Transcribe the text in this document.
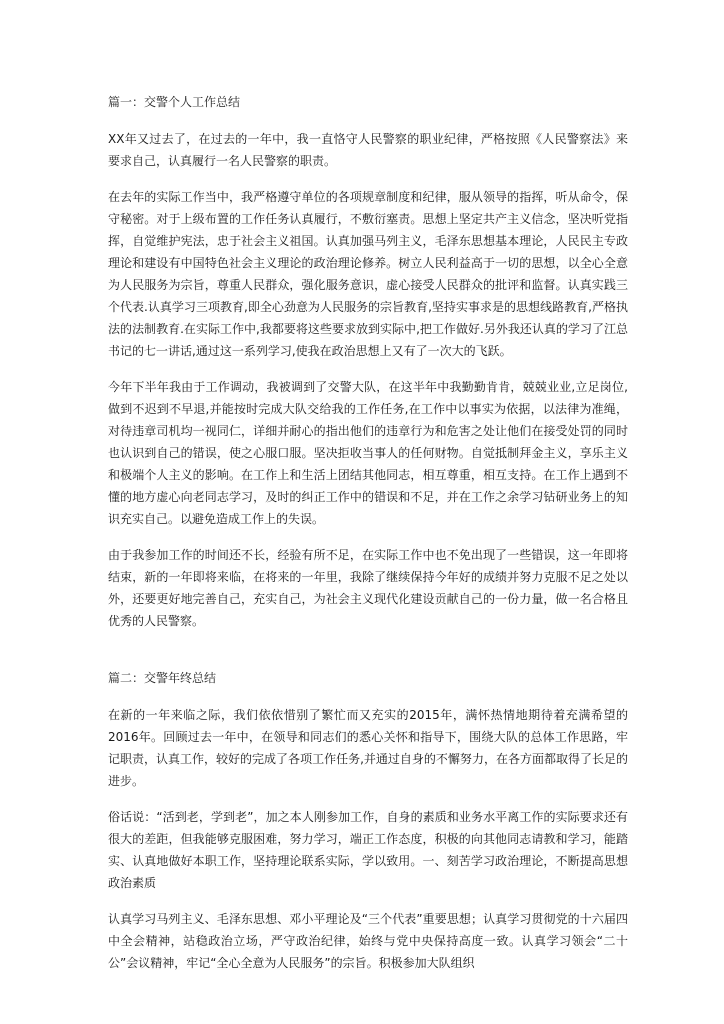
篇一：交警个人工作总结

XX年又过去了，在过去的一年中，我一直恪守人民警察的职业纪律，严格按照《人民警察法》来要求自己，认真履行一名人民警察的职责。

在去年的实际工作当中，我严格遵守单位的各项规章制度和纪律，服从领导的指挥，听从命令，保守秘密。对于上级布置的工作任务认真履行，不敷衍塞责。思想上坚定共产主义信念，坚决听党指挥，自觉维护宪法，忠于社会主义祖国。认真加强马列主义，毛泽东思想基本理论，人民民主专政理论和建设有中国特色社会主义理论的政治理论修养。树立人民利益高于一切的思想，以全心全意为人民服务为宗旨，尊重人民群众，强化服务意识，虚心接受人民群众的批评和监督。认真实践三个代表.认真学习三项教育,即全心劲意为人民服务的宗旨教育,坚持实事求是的思想线路教育,严格执法的法制教育.在实际工作中,我都要将这些要求放到实际中,把工作做好.另外我还认真的学习了江总书记的七一讲话,通过这一系列学习,使我在政治思想上又有了一次大的飞跃。

今年下半年我由于工作调动，我被调到了交警大队，在这半年中我勤勤肯肯，兢兢业业,立足岗位,做到不迟到不早退,并能按时完成大队交给我的工作任务,在工作中以事实为依据，以法律为准绳，对待违章司机均一视同仁，详细并耐心的指出他们的违章行为和危害之处让他们在接受处罚的同时也认识到自己的错误，使之心服口服。坚决拒收当事人的任何财物。自觉抵制拜金主义，享乐主义和极端个人主义的影响。在工作上和生活上团结其他同志，相互尊重，相互支持。在工作上遇到不懂的地方虚心向老同志学习，及时的纠正工作中的错误和不足，并在工作之余学习钻研业务上的知识充实自己。以避免造成工作上的失误。

由于我参加工作的时间还不长，经验有所不足，在实际工作中也不免出现了一些错误，这一年即将结束，新的一年即将来临，在将来的一年里，我除了继续保持今年好的成绩并努力克服不足之处以外，还要更好地完善自己，充实自己，为社会主义现代化建设贡献自己的一份力量，做一名合格且优秀的人民警察。

篇二：交警年终总结

在新的一年来临之际，我们依依惜别了繁忙而又充实的2015年，满怀热情地期待着充满希望的2016年。回顾过去一年中，在领导和同志们的悉心关怀和指导下，围绕大队的总体工作思路，牢记职责，认真工作，较好的完成了各项工作任务,并通过自身的不懈努力，在各方面都取得了长足的进步。

俗话说：“活到老，学到老”，加之本人刚参加工作，自身的素质和业务水平离工作的实际要求还有很大的差距，但我能够克服困难，努力学习，端正工作态度，积极的向其他同志请教和学习，能踏实、认真地做好本职工作，坚持理论联系实际，学以致用。一、刻苦学习政治理论，不断提高思想政治素质

认真学习马列主义、毛泽东思想、邓小平理论及“三个代表”重要思想；认真学习贯彻党的十六届四中全会精神，站稳政治立场，严守政治纪律，始终与党中央保持高度一致。认真学习领会“二十公”会议精神，牢记“全心全意为人民服务”的宗旨。积极参加大队组织
